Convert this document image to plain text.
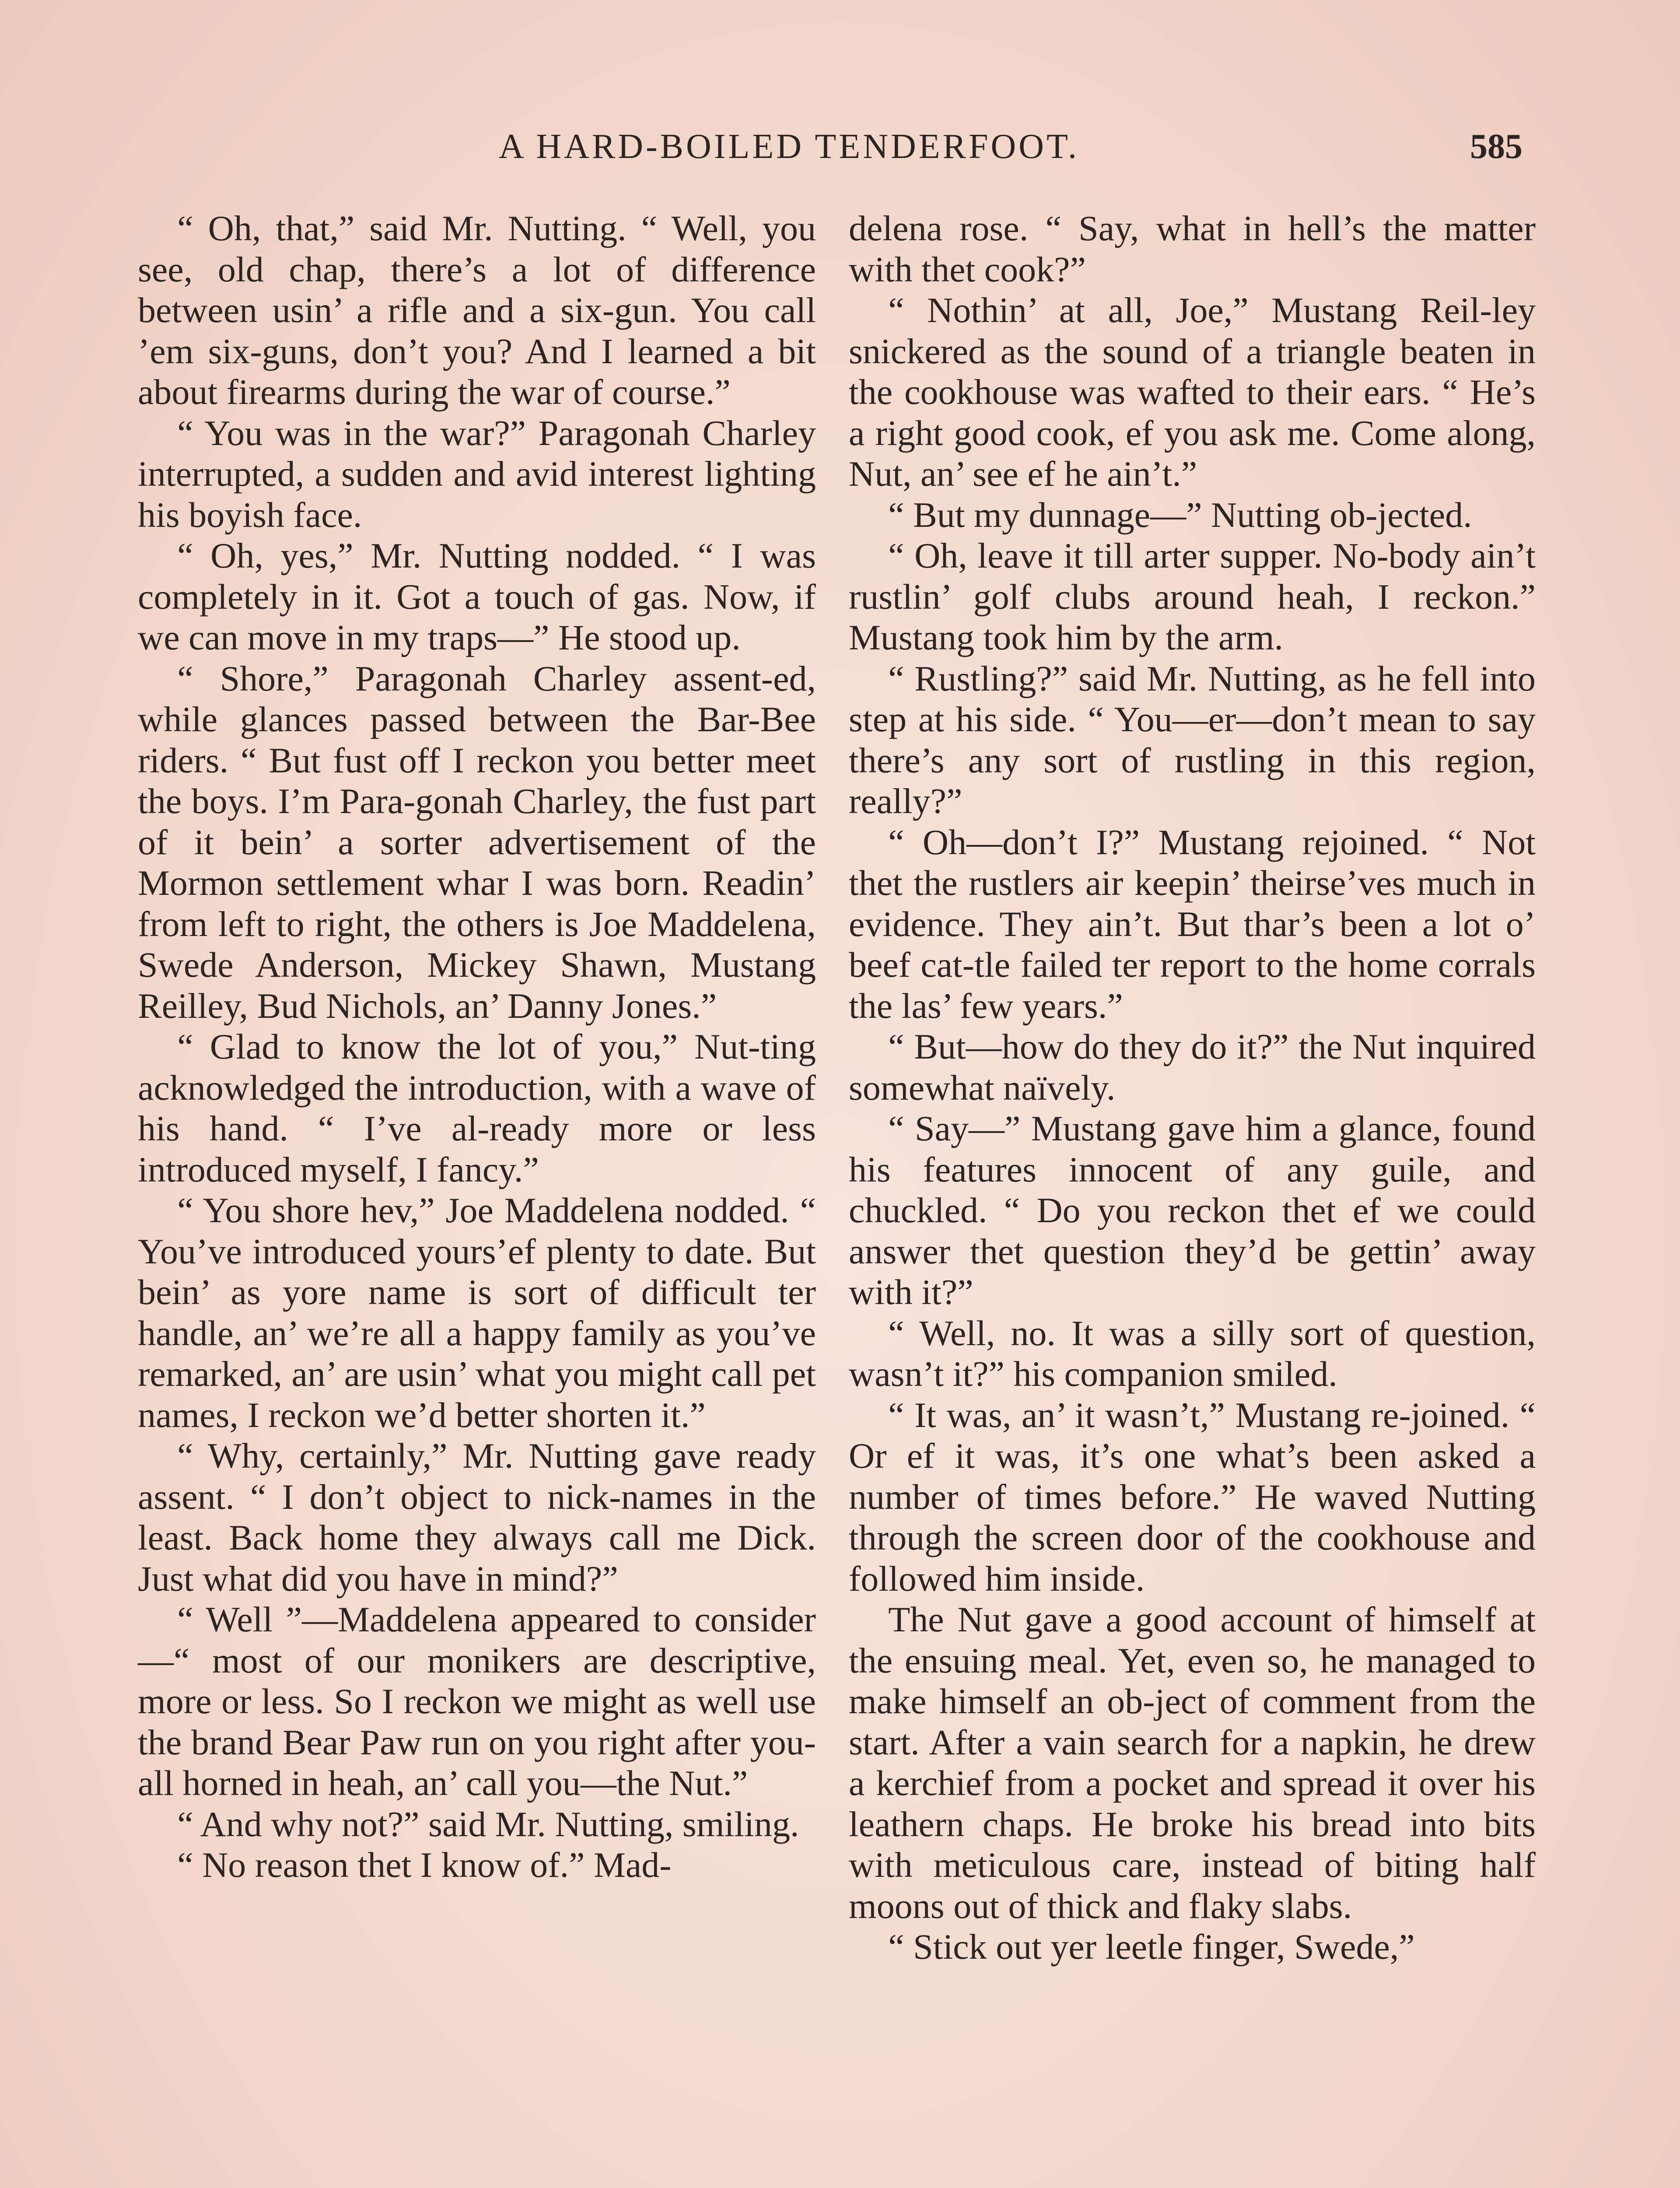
A HARD-BOILED TENDERFOOT.	585

“ Oh, that,” said Mr. Nutting. “ Well, you see, old chap, there’s a lot of difference between usin’ a rifle and a six-gun. You call ’em six-guns, don’t you? And I learned a bit about firearms during the war of course.”

“ You was in the war?” Paragonah Charley interrupted, a sudden and avid interest lighting his boyish face.

“ Oh, yes,” Mr. Nutting nodded. “ I was completely in it. Got a touch of gas. Now, if we can move in my traps—” He stood up.

“ Shore,” Paragonah Charley assent-ed, while glances passed between the Bar-Bee riders. “ But fust off I reckon you better meet the boys. I’m Para-gonah Charley, the fust part of it bein’ a sorter advertisement of the Mormon settlement whar I was born. Readin’ from left to right, the others is Joe Maddelena, Swede Anderson, Mickey Shawn, Mustang Reilley, Bud Nichols, an’ Danny Jones.”

“ Glad to know the lot of you,” Nut-ting acknowledged the introduction, with a wave of his hand. “ I’ve al-ready more or less introduced myself, I fancy.”

“ You shore hev,” Joe Maddelena nodded. “ You’ve introduced yours’ef plenty to date. But bein’ as yore name is sort of difficult ter handle, an’ we’re all a happy family as you’ve remarked, an’ are usin’ what you might call pet names, I reckon we’d better shorten it.”

“ Why, certainly,” Mr. Nutting gave ready assent. “ I don’t object to nick-names in the least. Back home they always call me Dick. Just what did you have in mind?”

“ Well ”—Maddelena appeared to consider—“ most of our monikers are descriptive, more or less. So I reckon we might as well use the brand Bear Paw run on you right after you-all horned in heah, an’ call you—the Nut.”

“ And why not?” said Mr. Nutting, smiling.

“ No reason thet I know of.” Mad-

delena rose. “ Say, what in hell’s the matter with thet cook?”

“ Nothin’ at all, Joe,” Mustang Reil-ley snickered as the sound of a triangle beaten in the cookhouse was wafted to their ears. “ He’s a right good cook, ef you ask me. Come along, Nut, an’ see ef he ain’t.”

“ But my dunnage—” Nutting ob-jected.

“ Oh, leave it till arter supper. No-body ain’t rustlin’ golf clubs around heah, I reckon.” Mustang took him by the arm.

“ Rustling?” said Mr. Nutting, as he fell into step at his side. “ You—er—don’t mean to say there’s any sort of rustling in this region, really?”

“ Oh—don’t I?” Mustang rejoined. “ Not thet the rustlers air keepin’ theirse’ves much in evidence. They ain’t. But thar’s been a lot o’ beef cat-tle failed ter report to the home corrals the las’ few years.”

“ But—how do they do it?” the Nut inquired somewhat naïvely.

“ Say—” Mustang gave him a glance, found his features innocent of any guile, and chuckled. “ Do you reckon thet ef we could answer thet question they’d be gettin’ away with it?”

“ Well, no. It was a silly sort of question, wasn’t it?” his companion smiled.

“ It was, an’ it wasn’t,” Mustang re-joined. “ Or ef it was, it’s one what’s been asked a number of times before.” He waved Nutting through the screen door of the cookhouse and followed him inside.

The Nut gave a good account of himself at the ensuing meal. Yet, even so, he managed to make himself an ob-ject of comment from the start. After a vain search for a napkin, he drew a kerchief from a pocket and spread it over his leathern chaps. He broke his bread into bits with meticulous care, instead of biting half moons out of thick and flaky slabs.

“ Stick out yer leetle finger, Swede,”
